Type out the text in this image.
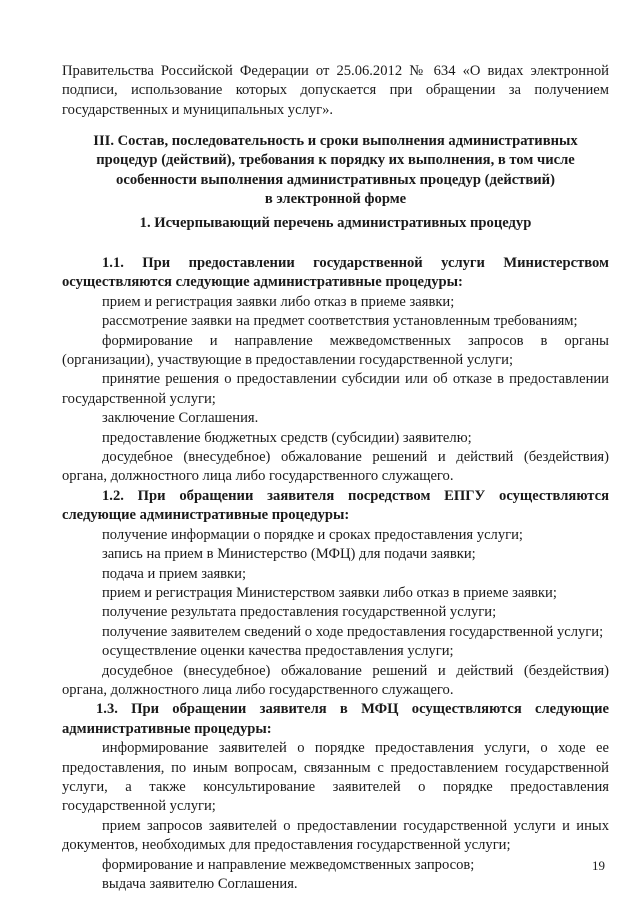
Правительства Российской Федерации от 25.06.2012 № 634 «О видах электронной

подписи, использование которых допускается при обращении за получением государственных и муниципальных услуг».

III. Состав, последовательность и сроки выполнения административных

процедур (действий), требования к порядку их выполнения, в том числе

особенности выполнения административных процедур (действий)

в электронной форме

1. Исчерпывающий перечень административных процедур

1.1. При предоставлении государственной услуги Министерством

осуществляются следующие административные процедуры:

прием и регистрация заявки либо отказ в приеме заявки;

рассмотрение заявки на предмет соответствия установленным требованиям;

формирование и направление межведомственных запросов в органы (организации), участвующие в предоставлении государственной услуги;

принятие решения о предоставлении субсидии или об отказе в предоставлении государственной услуги;

заключение Соглашения.

предоставление бюджетных средств (субсидии) заявителю;

досудебное (внесудебное) обжалование решений и действий (бездействия) органа, должностного лица либо государственного служащего.

1.2. При обращении заявителя посредством ЕПГУ осуществляются

следующие административные процедуры:

получение информации о порядке и сроках предоставления услуги;

запись на прием в Министерство (МФЦ) для подачи заявки;

подача и прием заявки;

прием и регистрация Министерством заявки либо отказ в приеме заявки;

получение результата предоставления государственной услуги;

получение заявителем сведений о ходе предоставления государственной услуги;

осуществление оценки качества предоставления услуги;

досудебное (внесудебное) обжалование решений и действий (бездействия) органа, должностного лица либо государственного служащего.

1.3. При обращении заявителя в МФЦ осуществляются следующие

административные процедуры:

информирование заявителей о порядке предоставления услуги, о ходе ее предоставления, по иным вопросам, связанным с предоставлением государственной услуги, а также консультирование заявителей о порядке предоставления государственной услуги;

прием запросов заявителей о предоставлении государственной услуги и иных документов, необходимых для предоставления государственной услуги;

формирование и направление межведомственных запросов;

выдача заявителю Соглашения.

19
